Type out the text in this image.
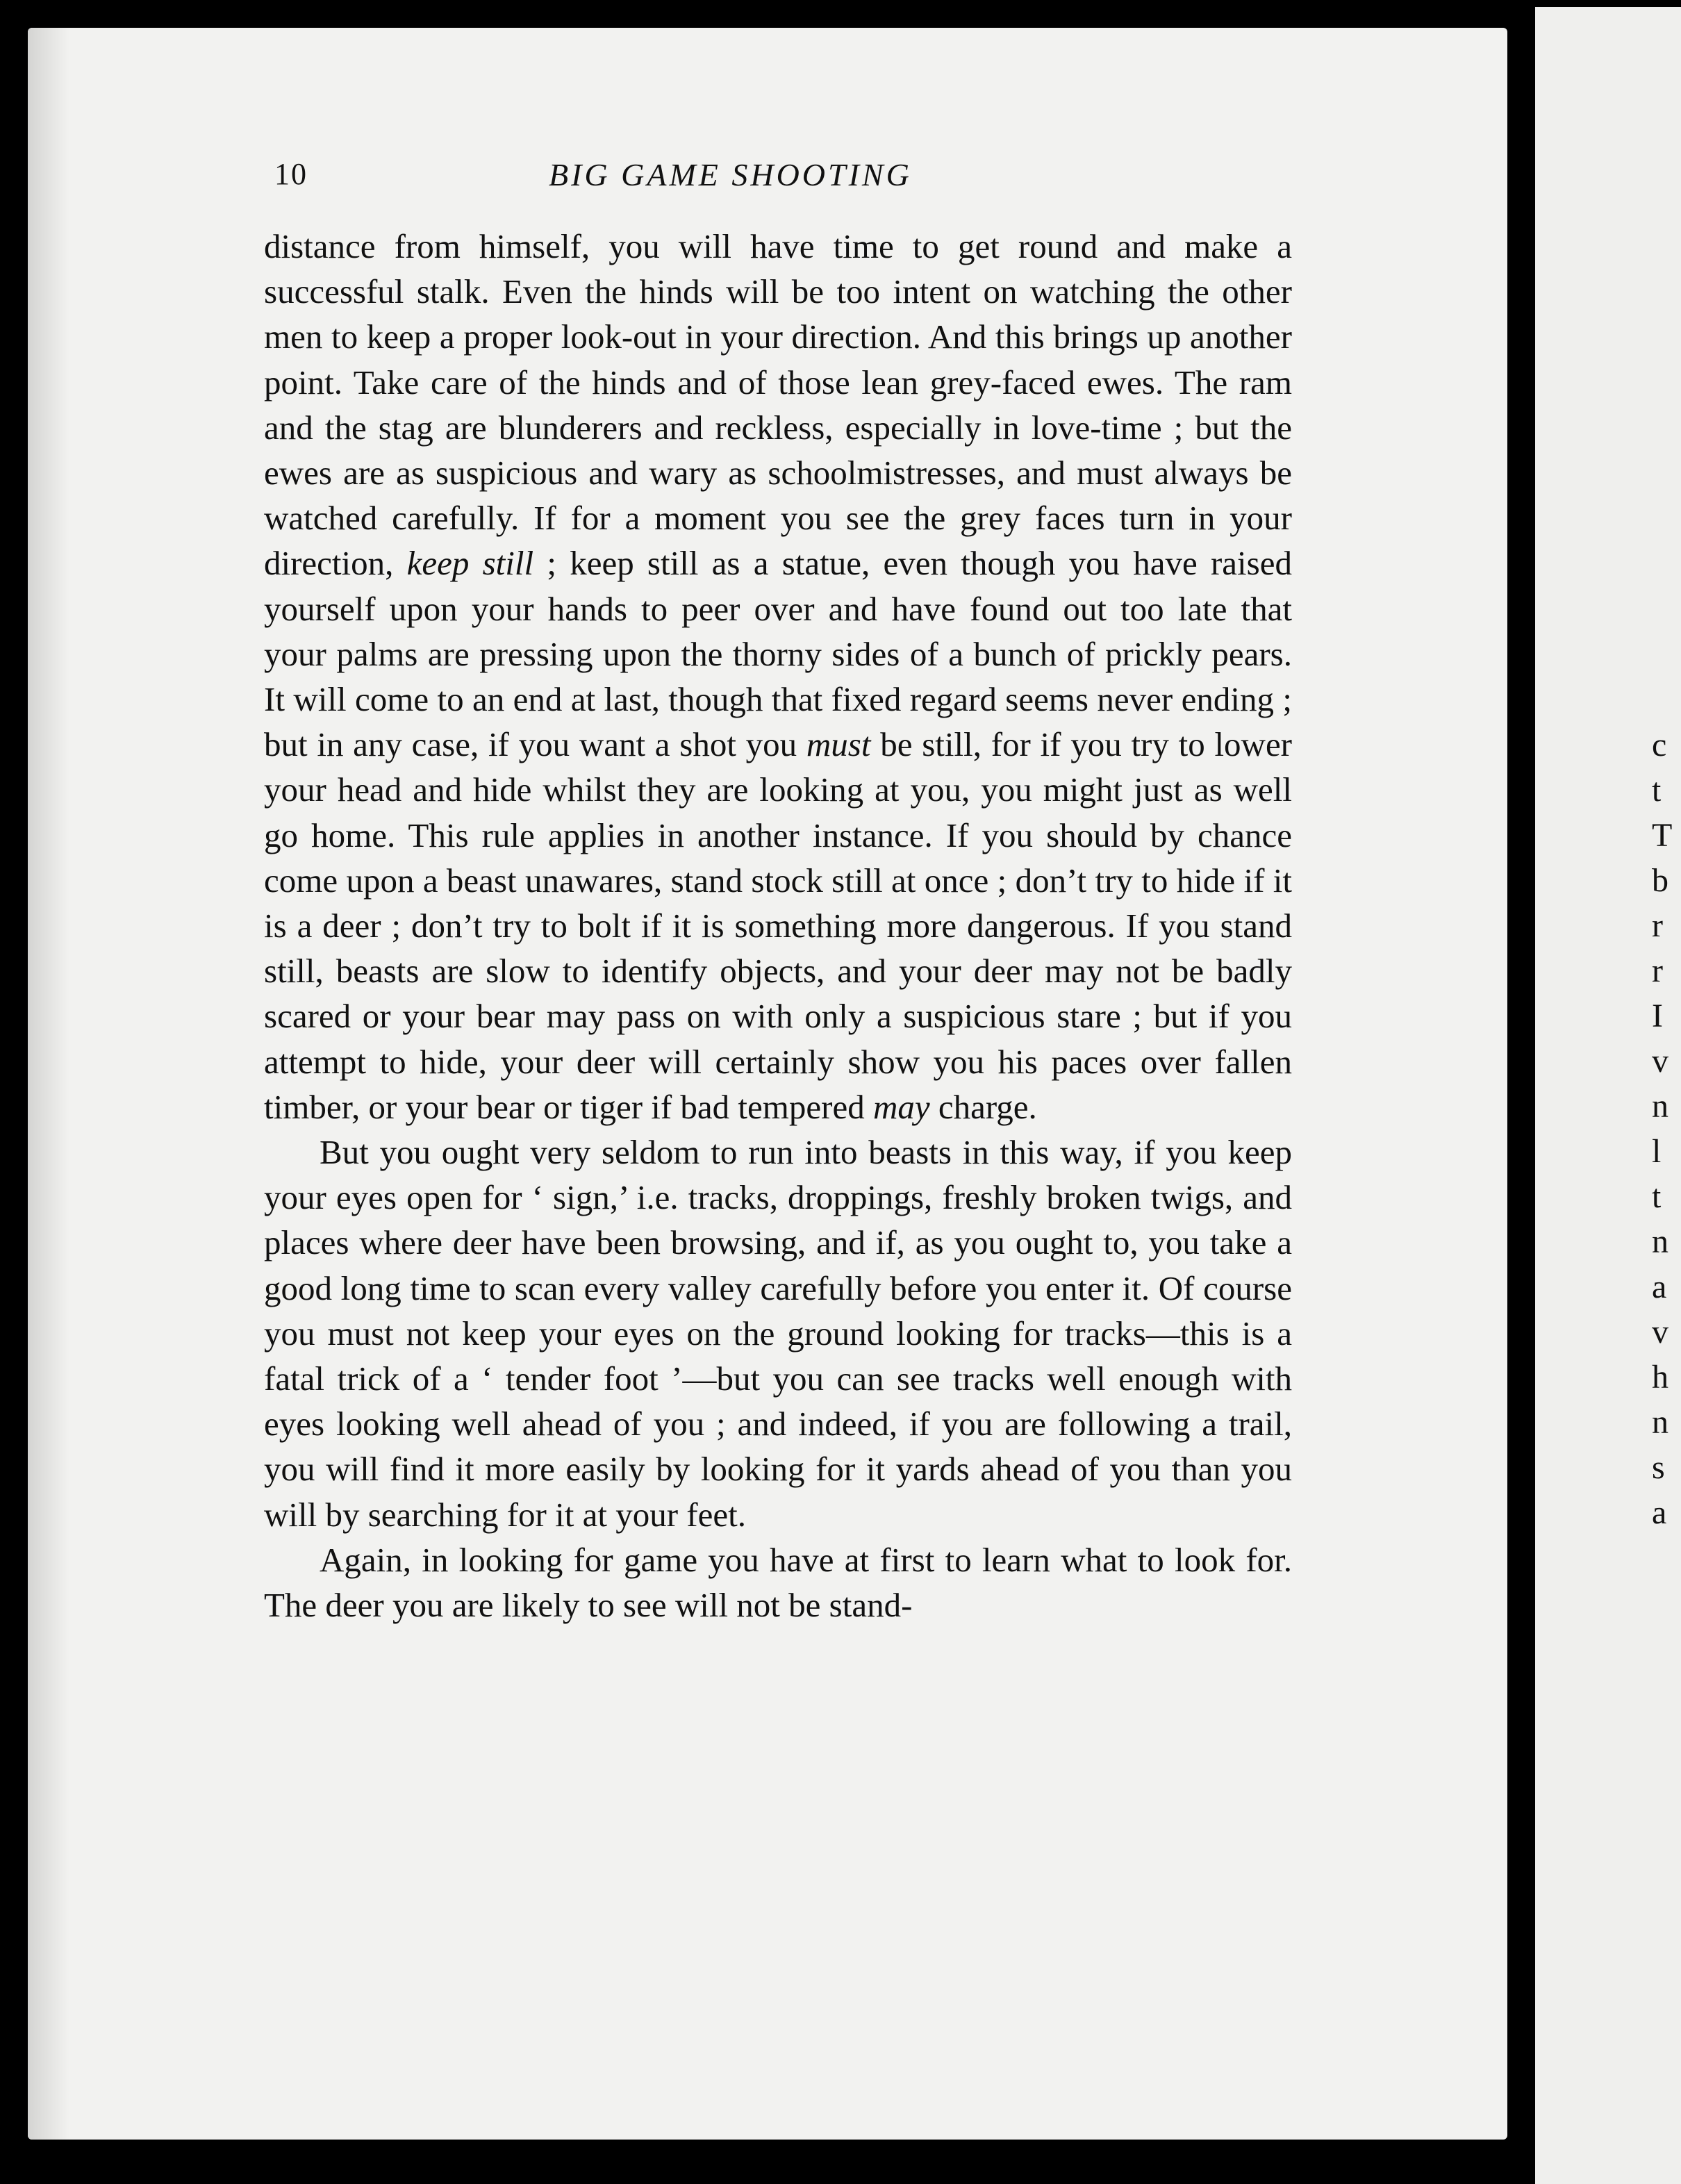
10	BIG GAME SHOOTING

distance from himself, you will have time to get round and make a successful stalk. Even the hinds will be too intent on watching the other men to keep a proper look-out in your direction. And this brings up another point. Take care of the hinds and of those lean grey-faced ewes. The ram and the stag are blunderers and reckless, especially in love-time ; but the ewes are as suspicious and wary as schoolmistresses, and must always be watched carefully. If for a moment you see the grey faces turn in your direction, keep still ; keep still as a statue, even though you have raised yourself upon your hands to peer over and have found out too late that your palms are pressing upon the thorny sides of a bunch of prickly pears. It will come to an end at last, though that fixed regard seems never ending ; but in any case, if you want a shot you must be still, for if you try to lower your head and hide whilst they are looking at you, you might just as well go home. This rule applies in another instance. If you should by chance come upon a beast unawares, stand stock still at once ; don’t try to hide if it is a deer ; don’t try to bolt if it is something more dangerous. If you stand still, beasts are slow to identify objects, and your deer may not be badly scared or your bear may pass on with only a suspicious stare ; but if you attempt to hide, your deer will certainly show you his paces over fallen timber, or your bear or tiger if bad tempered may charge.

But you ought very seldom to run into beasts in this way, if you keep your eyes open for ‘ sign,’ i.e. tracks, droppings, freshly broken twigs, and places where deer have been browsing, and if, as you ought to, you take a good long time to scan every valley carefully before you enter it. Of course you must not keep your eyes on the ground looking for tracks—this is a fatal trick of a ‘ tender foot ’—but you can see tracks well enough with eyes looking well ahead of you ; and indeed, if you are following a trail, you will find it more easily by looking for it yards ahead of you than you will by searching for it at your feet.

Again, in looking for game you have at first to learn what to look for. The deer you are likely to see will not be stand-

c
t
T
b
r
r
I
v
n
l
t
n
a
v
h
n
s
a
